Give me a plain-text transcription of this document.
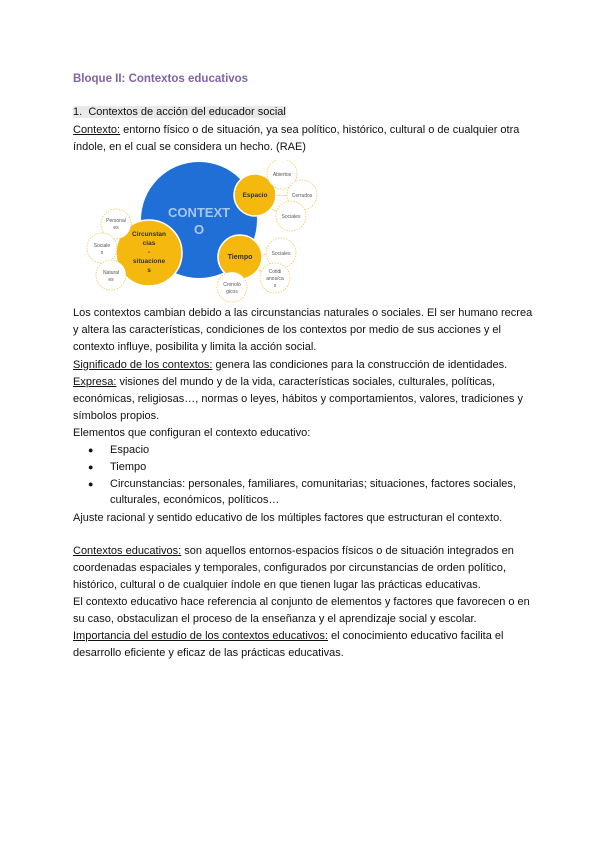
Bloque II: Contextos educativos
1. Contextos de acción del educador social
Contexto: entorno físico o de situación, ya sea político, histórico, cultural o de cualquier otra índole, en el cual se considera un hecho. (RAE)
CONTEXT
O
Espacio
Tiempo
Circunstan
cias
-
situacione
s
Abiertos
Cerrados
Sociales
Personal
es
Sociale
s
Natural
es
Sociales
Cotidi
anos/ca
s
Cronoló
gicos
Los contextos cambian debido a las circunstancias naturales o sociales. El ser humano recrea y altera las características, condiciones de los contextos por medio de sus acciones y el contexto influye, posibilita y limita la acción social.
Significado de los contextos: genera las condiciones para la construcción de identidades.
Expresa: visiones del mundo y de la vida, características sociales, culturales, políticas, económicas, religiosas…, normas o leyes, hábitos y comportamientos, valores, tradiciones y símbolos propios.
Elementos que configuran el contexto educativo:
● Espacio
● Tiempo
● Circunstancias: personales, familiares, comunitarias; situaciones, factores sociales, culturales, económicos, políticos…
Ajuste racional y sentido educativo de los múltiples factores que estructuran el contexto.
Contextos educativos: son aquellos entornos-espacios físicos o de situación integrados en coordenadas espaciales y temporales, configurados por circunstancias de orden político, histórico, cultural o de cualquier índole en que tienen lugar las prácticas educativas.
El contexto educativo hace referencia al conjunto de elementos y factores que favorecen o en su caso, obstaculizan el proceso de la enseñanza y el aprendizaje social y escolar.
Importancia del estudio de los contextos educativos: el conocimiento educativo facilita el desarrollo eficiente y eficaz de las prácticas educativas.
